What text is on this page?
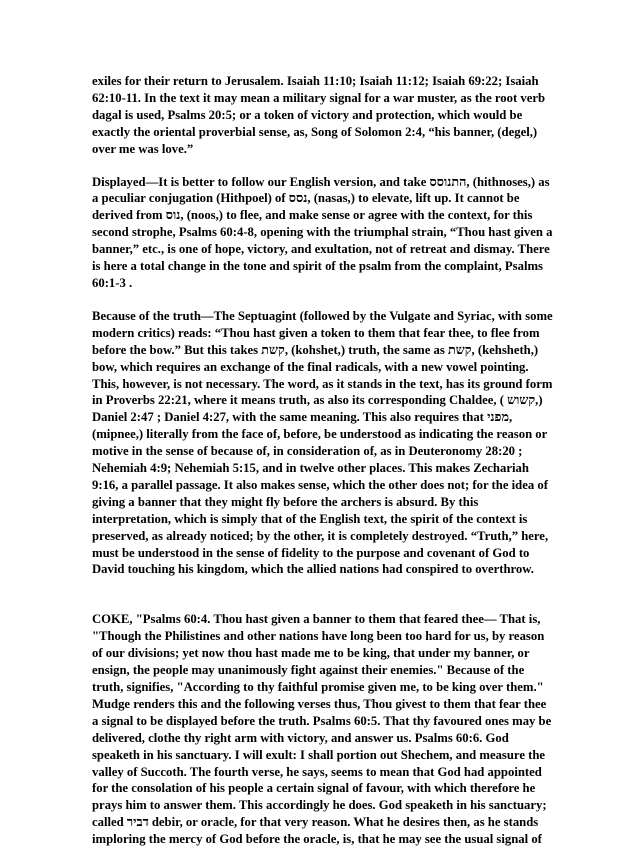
exiles for their return to Jerusalem. Isaiah 11:10; Isaiah 11:12; Isaiah 69:22; Isaiah 62:10-11. In the text it may mean a military signal for a war muster, as the root verb dagal is used, Psalms 20:5; or a token of victory and protection, which would be exactly the oriental proverbial sense, as, Song of Solomon 2:4, “his banner, (degel,) over me was love.”

Displayed—It is better to follow our English version, and take התנוסס, (hithnoses,) as a peculiar conjugation (Hithpoel) of נסס, (nasas,) to elevate, lift up. It cannot be derived from נוס, (noos,) to flee, and make sense or agree with the context, for this second strophe, Psalms 60:4-8, opening with the triumphal strain, “Thou hast given a banner,” etc., is one of hope, victory, and exultation, not of retreat and dismay. There is here a total change in the tone and spirit of the psalm from the complaint, Psalms 60:1-3 .

Because of the truth—The Septuagint (followed by the Vulgate and Syriac, with some modern critics) reads: “Thou hast given a token to them that fear thee, to flee from before the bow.” But this takes קשת, (kohshet,) truth, the same as קשת, (kehsheth,) bow, which requires an exchange of the final radicals, with a new vowel pointing. This, however, is not necessary. The word, as it stands in the text, has its ground form in Proverbs 22:21, where it means truth, as also its corresponding Chaldee, ( קשוש,) Daniel 2:47 ; Daniel 4:27, with the same meaning. This also requires that מפני, (mipnee,) literally from the face of, before, be understood as indicating the reason or motive in the sense of because of, in consideration of, as in Deuteronomy 28:20 ; Nehemiah 4:9; Nehemiah 5:15, and in twelve other places. This makes Zechariah 9:16, a parallel passage. It also makes sense, which the other does not; for the idea of giving a banner that they might fly before the archers is absurd. By this interpretation, which is simply that of the English text, the spirit of the context is preserved, as already noticed; by the other, it is completely destroyed. “Truth,” here, must be understood in the sense of fidelity to the purpose and covenant of God to David touching his kingdom, which the allied nations had conspired to overthrow.

COKE, "Psalms 60:4. Thou hast given a banner to them that feared thee— That is, "Though the Philistines and other nations have long been too hard for us, by reason of our divisions; yet now thou hast made me to be king, that under my banner, or ensign, the people may unanimously fight against their enemies." Because of the truth, signifies, "According to thy faithful promise given me, to be king over them." Mudge renders this and the following verses thus, Thou givest to them that fear thee a signal to be displayed before the truth. Psalms 60:5. That thy favoured ones may be delivered, clothe thy right arm with victory, and answer us. Psalms 60:6. God speaketh in his sanctuary. I will exult: I shall portion out Shechem, and measure the valley of Succoth. The fourth verse, he says, seems to mean that God had appointed for the consolation of his people a certain signal of favour, with which therefore he prays him to answer them. This accordingly he does. God speaketh in his sanctuary; called דביר debir, or oracle, for that very reason. What he desires then, as he stands imploring the mercy of God before the oracle, is, that he may see the usual signal of
